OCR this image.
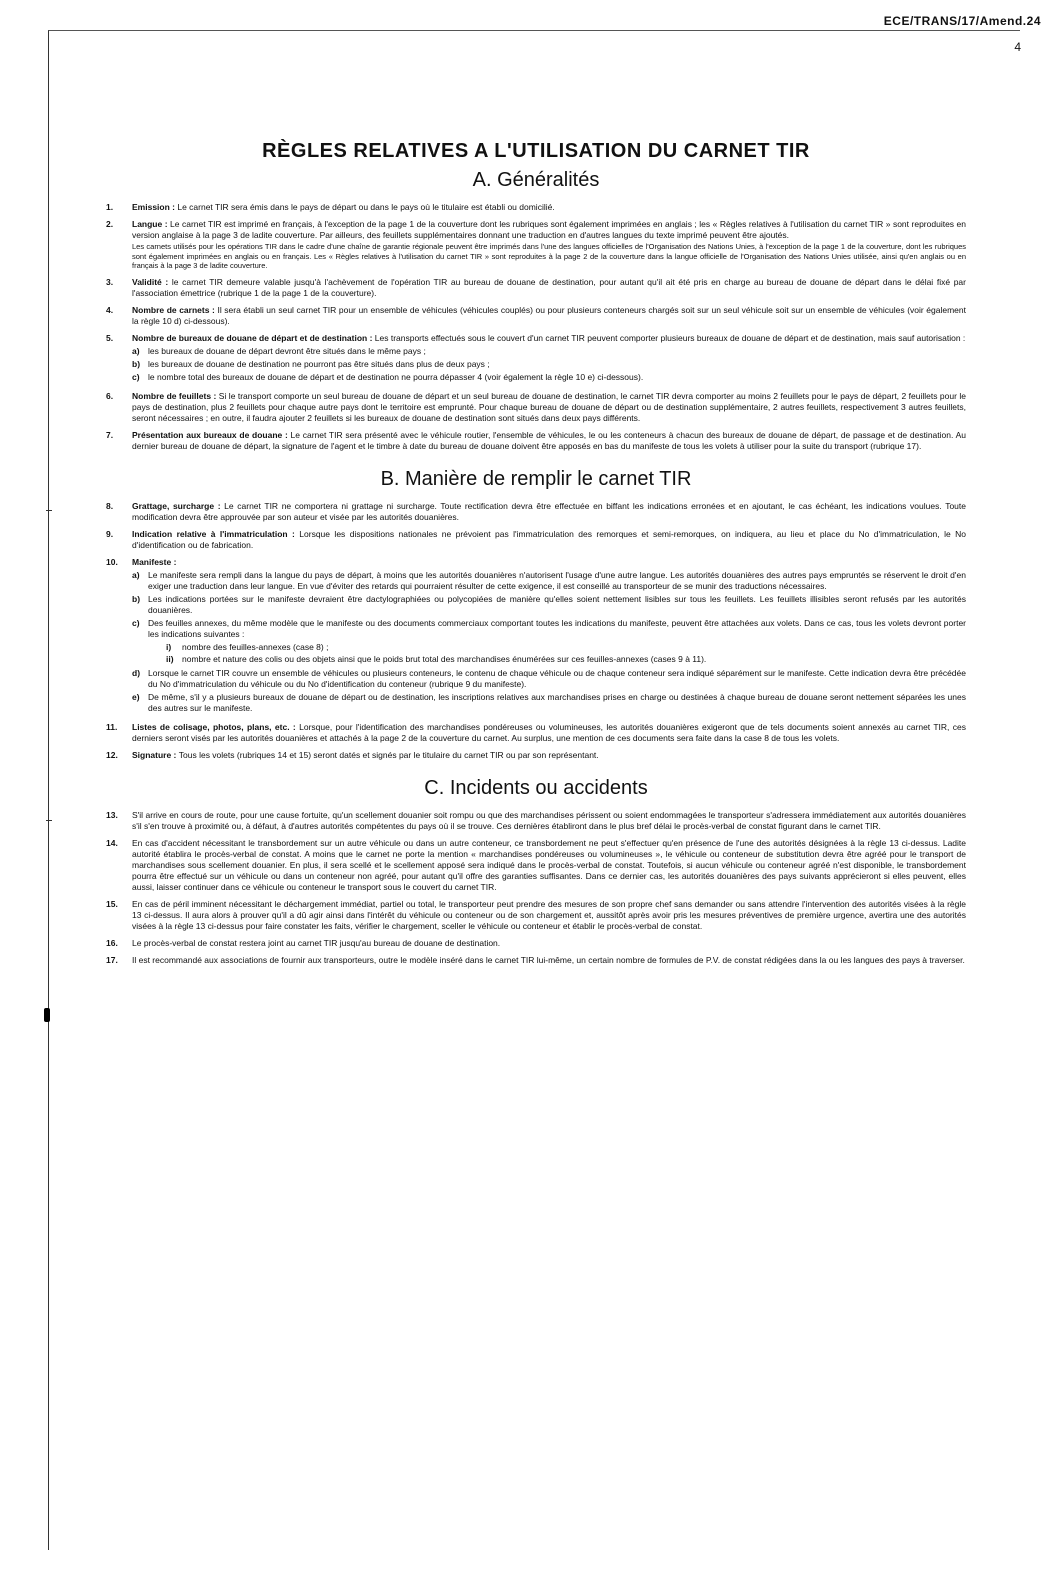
ECE/TRANS/17/Amend.24
4
RÈGLES RELATIVES A L'UTILISATION DU CARNET TIR
A. Généralités
1.	Emission : Le carnet TIR sera émis dans le pays de départ ou dans le pays où le titulaire est établi ou domicilié.
2.	Langue : Le carnet TIR est imprimé en français, à l'exception de la page 1 de la couverture dont les rubriques sont également imprimées en anglais ; les « Règles relatives à l'utilisation du carnet TIR » sont reproduites en version anglaise à la page 3 de ladite couverture. Par ailleurs, des feuillets supplémentaires donnant une traduction en d'autres langues du texte imprimé peuvent être ajoutés.
Les carnets utilisés pour les opérations TIR dans le cadre d'une chaîne de garantie régionale peuvent être imprimés dans l'une des langues officielles de l'Organisation des Nations Unies, à l'exception de la page 1 de la couverture, dont les rubriques sont également imprimées en anglais ou en français. Les « Règles relatives à l'utilisation du carnet TIR » sont reproduites à la page 2 de la couverture dans la langue officielle de l'Organisation des Nations Unies utilisée, ainsi qu'en anglais ou en français à la page 3 de ladite couverture.
3.	Validité : le carnet TIR demeure valable jusqu'à l'achèvement de l'opération TIR au bureau de douane de destination, pour autant qu'il ait été pris en charge au bureau de douane de départ dans le délai fixé par l'association émettrice (rubrique 1 de la page 1 de la couverture).
4.	Nombre de carnets : Il sera établi un seul carnet TIR pour un ensemble de véhicules (véhicules couplés) ou pour plusieurs conteneurs chargés soit sur un seul véhicule soit sur un ensemble de véhicules (voir également la règle 10 d) ci-dessous).
5.	Nombre de bureaux de douane de départ et de destination : Les transports effectués sous le couvert d'un carnet TIR peuvent comporter plusieurs bureaux de douane de départ et de destination, mais sauf autorisation :
a) les bureaux de douane de départ devront être situés dans le même pays ;
b) les bureaux de douane de destination ne pourront pas être situés dans plus de deux pays ;
c) le nombre total des bureaux de douane de départ et de destination ne pourra dépasser 4 (voir également la règle 10 e) ci-dessous).
6.	Nombre de feuillets : Si le transport comporte un seul bureau de douane de départ et un seul bureau de douane de destination, le carnet TIR devra comporter au moins 2 feuillets pour le pays de départ, 2 feuillets pour le pays de destination, plus 2 feuillets pour chaque autre pays dont le territoire est emprunté. Pour chaque bureau de douane de départ ou de destination supplémentaire, 2 autres feuillets, respectivement 3 autres feuillets, seront nécessaires ; en outre, il faudra ajouter 2 feuillets si les bureaux de douane de destination sont situés dans deux pays différents.
7.	Présentation aux bureaux de douane : Le carnet TIR sera présenté avec le véhicule routier, l'ensemble de véhicules, le ou les conteneurs à chacun des bureaux de douane de départ, de passage et de destination. Au dernier bureau de douane de départ, la signature de l'agent et le timbre à date du bureau de douane doivent être apposés en bas du manifeste de tous les volets à utiliser pour la suite du transport (rubrique 17).
B. Manière de remplir le carnet TIR
8.	Grattage, surcharge : Le carnet TIR ne comportera ni grattage ni surcharge. Toute rectification devra être effectuée en biffant les indications erronées et en ajoutant, le cas échéant, les indications voulues. Toute modification devra être approuvée par son auteur et visée par les autorités douanières.
9.	Indication relative à l'immatriculation : Lorsque les dispositions nationales ne prévoient pas l'immatriculation des remorques et semi-remorques, on indiquera, au lieu et place du No d'immatriculation, le No d'identification ou de fabrication.
10.	Manifeste :
a) Le manifeste sera rempli dans la langue du pays de départ, à moins que les autorités douanières n'autorisent l'usage d'une autre langue. Les autorités douanières des autres pays empruntés se réservent le droit d'en exiger une traduction dans leur langue. En vue d'éviter des retards qui pourraient résulter de cette exigence, il est conseillé au transporteur de se munir des traductions nécessaires.
b) Les indications portées sur le manifeste devraient être dactylographiées ou polycopiées de manière qu'elles soient nettement lisibles sur tous les feuillets. Les feuillets illisibles seront refusés par les autorités douanières.
c) Des feuilles annexes, du même modèle que le manifeste ou des documents commerciaux comportant toutes les indications du manifeste, peuvent être attachées aux volets. Dans ce cas, tous les volets devront porter les indications suivantes :
i)	nombre des feuilles-annexes (case 8) ;
ii) nombre et nature des colis ou des objets ainsi que le poids brut total des marchandises énumérées sur ces feuilles-annexes (cases 9 à 11).
d) Lorsque le carnet TIR couvre un ensemble de véhicules ou plusieurs conteneurs, le contenu de chaque véhicule ou de chaque conteneur sera indiqué séparément sur le manifeste. Cette indication devra être précédée du No d'immatriculation du véhicule ou du No d'identification du conteneur (rubrique 9 du manifeste).
e) De même, s'il y a plusieurs bureaux de douane de départ ou de destination, les inscriptions relatives aux marchandises prises en charge ou destinées à chaque bureau de douane seront nettement séparées les unes des autres sur le manifeste.
11.	Listes de colisage, photos, plans, etc. : Lorsque, pour l'identification des marchandises pondéreuses ou volumineuses, les autorités douanières exigeront que de tels documents soient annexés au carnet TIR, ces derniers seront visés par les autorités douanières et attachés à la page 2 de la couverture du carnet. Au surplus, une mention de ces documents sera faite dans la case 8 de tous les volets.
12.	Signature : Tous les volets (rubriques 14 et 15) seront datés et signés par le titulaire du carnet TIR ou par son représentant.
C. Incidents ou accidents
13.	S'il arrive en cours de route, pour une cause fortuite, qu'un scellement douanier soit rompu ou que des marchandises périssent ou soient endommagées le transporteur s'adressera immédiatement aux autorités douanières s'il s'en trouve à proximité ou, à défaut, à d'autres autorités compétentes du pays où il se trouve. Ces dernières établiront dans le plus bref délai le procès-verbal de constat figurant dans le carnet TIR.
14.	En cas d'accident nécessitant le transbordement sur un autre véhicule ou dans un autre conteneur, ce transbordement ne peut s'effectuer qu'en présence de l'une des autorités désignées à la règle 13 ci-dessus. Ladite autorité établira le procès-verbal de constat. A moins que le carnet ne porte la mention « marchandises pondéreuses ou volumineuses », le véhicule ou conteneur de substitution devra être agréé pour le transport de marchandises sous scellement douanier. En plus, il sera scellé et le scellement apposé sera indiqué dans le procès-verbal de constat. Toutefois, si aucun véhicule ou conteneur agréé n'est disponible, le transbordement pourra être effectué sur un véhicule ou dans un conteneur non agréé, pour autant qu'il offre des garanties suffisantes. Dans ce dernier cas, les autorités douanières des pays suivants apprécieront si elles peuvent, elles aussi, laisser continuer dans ce véhicule ou conteneur le transport sous le couvert du carnet TIR.
15.	En cas de péril imminent nécessitant le déchargement immédiat, partiel ou total, le transporteur peut prendre des mesures de son propre chef sans demander ou sans attendre l'intervention des autorités visées à la règle 13 ci-dessus. Il aura alors à prouver qu'il a dû agir ainsi dans l'intérêt du véhicule ou conteneur ou de son chargement et, aussitôt après avoir pris les mesures préventives de première urgence, avertira une des autorités visées à la règle 13 ci-dessus pour faire constater les faits, vérifier le chargement, sceller le véhicule ou conteneur et établir le procès-verbal de constat.
16.	Le procès-verbal de constat restera joint au carnet TIR jusqu'au bureau de douane de destination.
17.	Il est recommandé aux associations de fournir aux transporteurs, outre le modèle inséré dans le carnet TIR lui-même, un certain nombre de formules de P.V. de constat rédigées dans la ou les langues des pays à traverser.
